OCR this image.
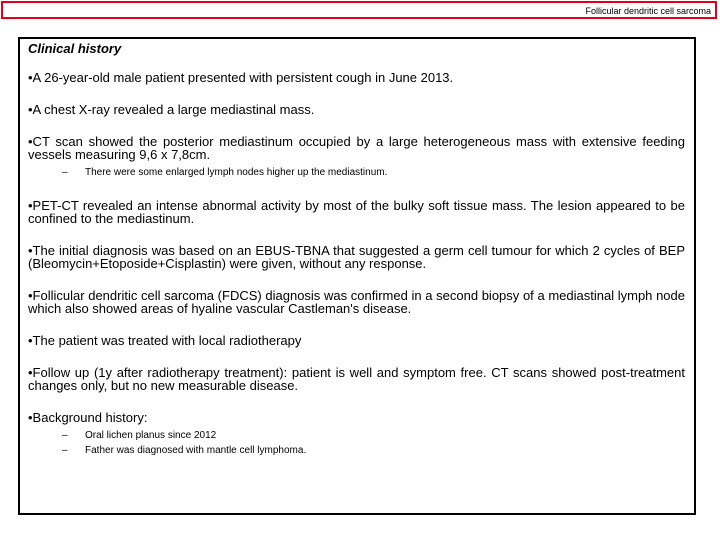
Follicular dendritic cell sarcoma
Clinical history

•A 26-year-old male patient presented with persistent cough in June 2013.

•A chest X-ray revealed a large mediastinal mass.

•CT scan showed the posterior mediastinum occupied by a large heterogeneous mass with extensive feeding vessels measuring 9,6 x 7,8cm.

– There were some enlarged lymph nodes higher up the mediastinum.

•PET-CT revealed an intense abnormal activity by most of the bulky soft tissue mass. The lesion appeared to be confined to the mediastinum.

•The initial diagnosis was based on an EBUS-TBNA that suggested a germ cell tumour for which 2 cycles of BEP (Bleomycin+Etoposide+Cisplastin) were given, without any response.

•Follicular dendritic cell sarcoma (FDCS) diagnosis was confirmed in a second biopsy of a mediastinal lymph node which also showed areas of hyaline vascular Castleman's disease.

•The patient was treated with local radiotherapy

•Follow up (1y after radiotherapy treatment): patient is well and symptom free. CT scans showed post-treatment changes only, but no new measurable disease.

•Background history:

– Oral lichen planus since 2012
– Father was diagnosed with mantle cell lymphoma.
